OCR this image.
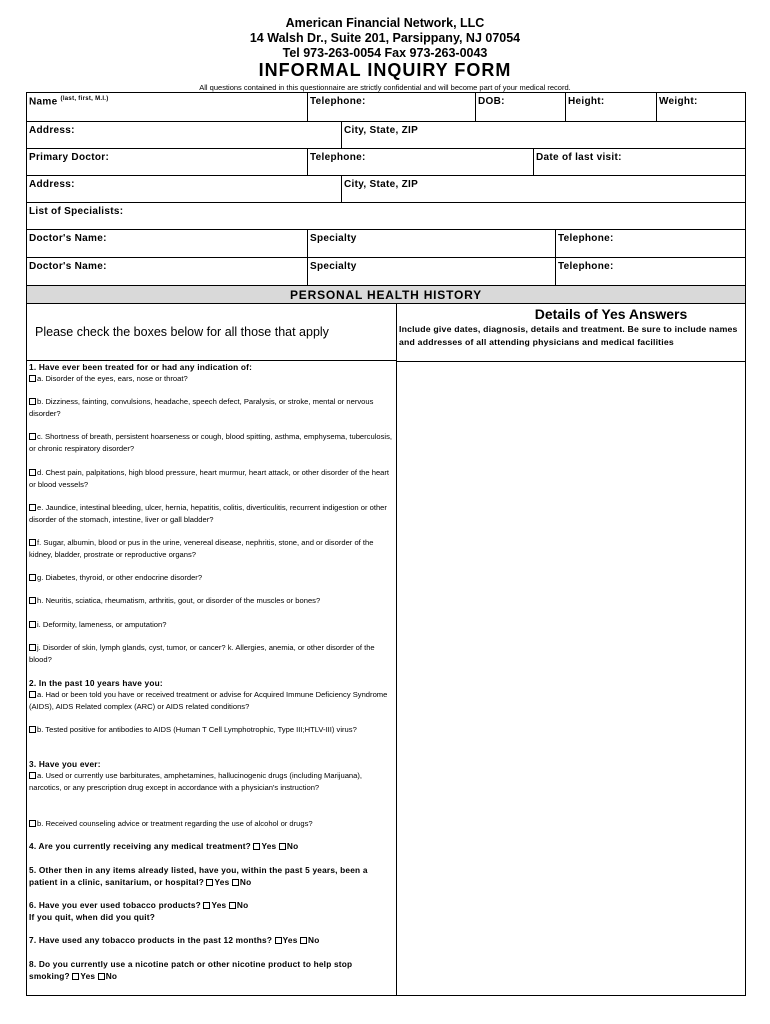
American Financial Network, LLC
14 Walsh Dr., Suite 201, Parsippany, NJ 07054
Tel 973-263-0054 Fax 973-263-0043
INFORMAL INQUIRY FORM
All questions contained in this questionnaire are strictly confidential and will become part of your medical record.
Name $^{(last, first, M.I.)}$	Telephone:	DOB:	Height:	Weight:
Address:	City, State, ZIP
Primary Doctor:	Telephone:	Date of last visit:
Address:	City, State, ZIP
List of Specialists:
Doctor's Name:	Specialty	Telephone:
Doctor's Name:	Specialty	Telephone:
PERSONAL HEALTH HISTORY
Please check the boxes below for all those that apply
1. Have ever been treated for or had any indication of:
a. Disorder of the eyes, ears, nose or throat?
b. Dizziness, fainting, convulsions, headache, speech defect, Paralysis, or stroke, mental or nervous disorder?
c. Shortness of breath, persistent hoarseness or cough, blood spitting, asthma, emphysema, tuberculosis, or chronic respiratory disorder?
d. Chest pain, palpitations, high blood pressure, heart murmur, heart attack, or other disorder of the heart or blood vessels?
e. Jaundice, intestinal bleeding, ulcer, hernia, hepatitis, colitis, diverticulitis, recurrent indigestion or other disorder of the stomach, intestine, liver or gall bladder?
f. Sugar, albumin, blood or pus in the urine, venereal disease, nephritis, stone, and or disorder of the kidney, bladder, prostrate or reproductive organs?
g. Diabetes, thyroid, or other endocrine disorder?
h. Neuritis, sciatica, rheumatism, arthritis, gout, or disorder of the muscles or bones?
i. Deformity, lameness, or amputation?
j. Disorder of skin, lymph glands, cyst, tumor, or cancer? k. Allergies, anemia, or other disorder of the blood?
2. In the past 10 years have you:
a. Had or been told you have or received treatment or advise for Acquired Immune Deficiency Syndrome (AIDS), AIDS Related complex (ARC) or AIDS related conditions?
b. Tested positive for antibodies to AIDS (Human T Cell Lymphotrophic, Type III;HTLV-III) virus?
3. Have you ever:
a. Used or currently use barbiturates, amphetamines, hallucinogenic drugs (including Marijuana), narcotics, or any prescription drug except in accordance with a physician's instruction?
b. Received counseling advice or treatment regarding the use of alcohol or drugs?
4. Are you currently receiving any medical treatment? Yes No
5. Other then in any items already listed, have you, within the past 5 years, been a patient in a clinic, sanitarium, or hospital? Yes No
6. Have you ever used tobacco products? Yes No
If you quit, when did you quit?
7. Have used any tobacco products in the past 12 months? Yes No
8. Do you currently use a nicotine patch or other nicotine product to help stop smoking? Yes No
Details of Yes Answers
Include give dates, diagnosis, details and treatment. Be sure to include names and addresses of all attending physicians and medical facilities
